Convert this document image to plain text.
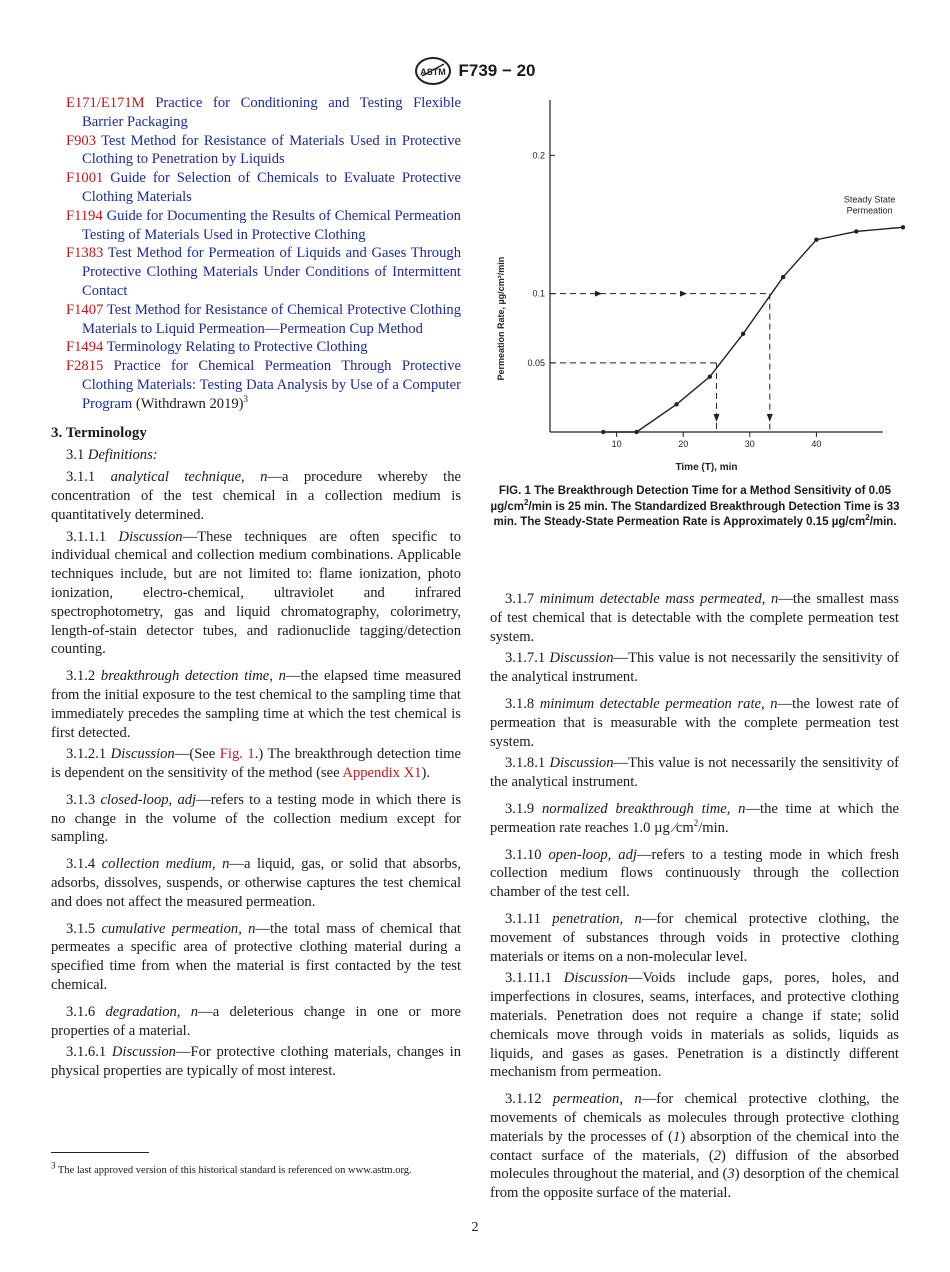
ASTM F739 − 20

E171/E171M Practice for Conditioning and Testing Flexible Barrier Packaging

F903 Test Method for Resistance of Materials Used in Protective Clothing to Penetration by Liquids

F1001 Guide for Selection of Chemicals to Evaluate Protective Clothing Materials

F1194 Guide for Documenting the Results of Chemical Permeation Testing of Materials Used in Protective Clothing

F1383 Test Method for Permeation of Liquids and Gases Through Protective Clothing Materials Under Conditions of Intermittent Contact

F1407 Test Method for Resistance of Chemical Protective Clothing Materials to Liquid Permeation—Permeation Cup Method

F1494 Terminology Relating to Protective Clothing

F2815 Practice for Chemical Permeation Through Protective Clothing Materials: Testing Data Analysis by Use of a Computer Program (Withdrawn 2019)$^3$

3. Terminology

3.1 Definitions:

3.1.1 analytical technique, n—a procedure whereby the concentration of the test chemical in a collection medium is quantitatively determined.

3.1.1.1 Discussion—These techniques are often specific to individual chemical and collection medium combinations. Applicable techniques include, but are not limited to: flame ionization, photo ionization, electro-chemical, ultraviolet and infrared spectrophotometry, gas and liquid chromatography, colorimetry, length-of-stain detector tubes, and radionuclide tagging/detection counting.

3.1.2 breakthrough detection time, n—the elapsed time measured from the initial exposure to the test chemical to the sampling time that immediately precedes the sampling time at which the test chemical is first detected.

3.1.2.1 Discussion—(See Fig. 1.) The breakthrough detection time is dependent on the sensitivity of the method (see Appendix X1).

3.1.3 closed-loop, adj—refers to a testing mode in which there is no change in the volume of the collection medium except for sampling.

3.1.4 collection medium, n—a liquid, gas, or solid that absorbs, adsorbs, dissolves, suspends, or otherwise captures the test chemical and does not affect the measured permeation.

3.1.5 cumulative permeation, n—the total mass of chemical that permeates a specific area of protective clothing material during a specified time from when the material is first contacted by the test chemical.

3.1.6 degradation, n—a deleterious change in one or more properties of a material.

3.1.6.1 Discussion—For protective clothing materials, changes in physical properties are typically of most interest.

10	20	30	40
0.05
0.1
0.2
Time (T), min
Permeation Rate, µg/cm²/min
Steady State
Permeation
FIG. 1 The Breakthrough Detection Time for a Method Sensitivity of 0.05 $\mu g/cm^2/\min$ is 25 min. The Standardized Breakthrough Detection Time is 33 min. The Steady-State Permeation Rate is Approximately 0.15 $\mu g/cm^2/\min$.

3.1.7 minimum detectable mass permeated, n—the smallest mass of test chemical that is detectable with the complete permeation test system.

3.1.7.1 Discussion—This value is not necessarily the sensitivity of the analytical instrument.

3.1.8 minimum detectable permeation rate, n—the lowest rate of permeation that is measurable with the complete permeation test system.

3.1.8.1 Discussion—This value is not necessarily the sensitivity of the analytical instrument.

3.1.9 normalized breakthrough time, n—the time at which the permeation rate reaches 1.0 µg $⁄cm^2/\min$.

3.1.10 open-loop, adj—refers to a testing mode in which fresh collection medium flows continuously through the collection chamber of the test cell.

3.1.11 penetration, n—for chemical protective clothing, the movement of substances through voids in protective clothing materials or items on a non-molecular level.

3.1.11.1 Discussion—Voids include gaps, pores, holes, and imperfections in closures, seams, interfaces, and protective clothing materials. Penetration does not require a change if state; solid chemicals move through voids in materials as solids, liquids as liquids, and gases as gases. Penetration is a distinctly different mechanism from permeation.

3.1.12 permeation, n—for chemical protective clothing, the movements of chemicals as molecules through protective clothing materials by the processes of (1) absorption of the chemical into the contact surface of the materials, (2) diffusion of the absorbed molecules throughout the material, and (3) desorption of the chemical from the opposite surface of the material.

3 The last approved version of this historical standard is referenced on www.astm.org.
2
